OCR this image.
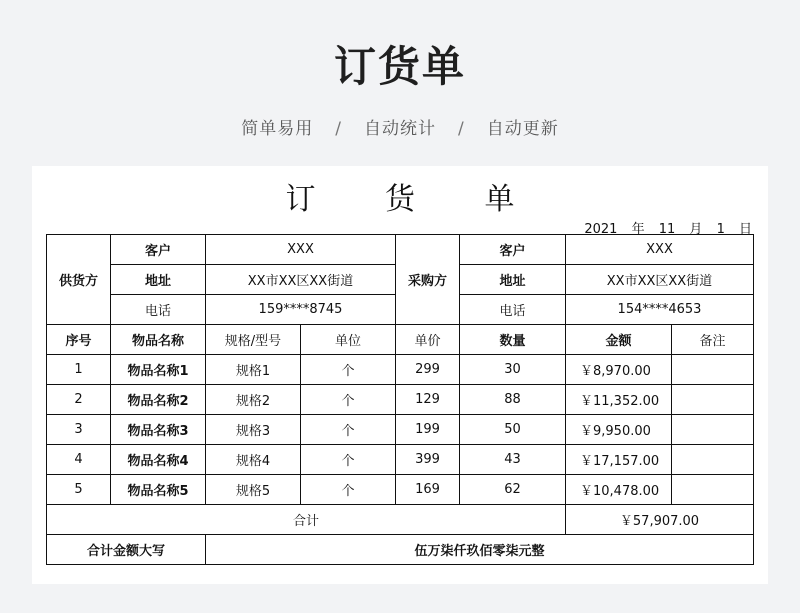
订货单
简单易用 / 自动统计 / 自动更新
订 货 单
2021 年 11 月 1 日
供货方	客户	XXX		采购方	客户	XXX	
	地址	XX市XX区XX街道			地址	XX市XX区XX街道	
	电话	159****8745			电话	154****4653	
序号	物品名称	规格/型号	单位	单价	数量	金额	备注
1	物品名称1	规格1	个	299	30	￥8,970.00	
2	物品名称2	规格2	个	129	88	￥11,352.00	
3	物品名称3	规格3	个	199	50	￥9,950.00	
4	物品名称4	规格4	个	399	43	￥17,157.00	
5	物品名称5	规格5	个	169	62	￥10,478.00	
合计						￥57,907.00	
合计金额大写		伍万柒仟玖佰零柒元整					
